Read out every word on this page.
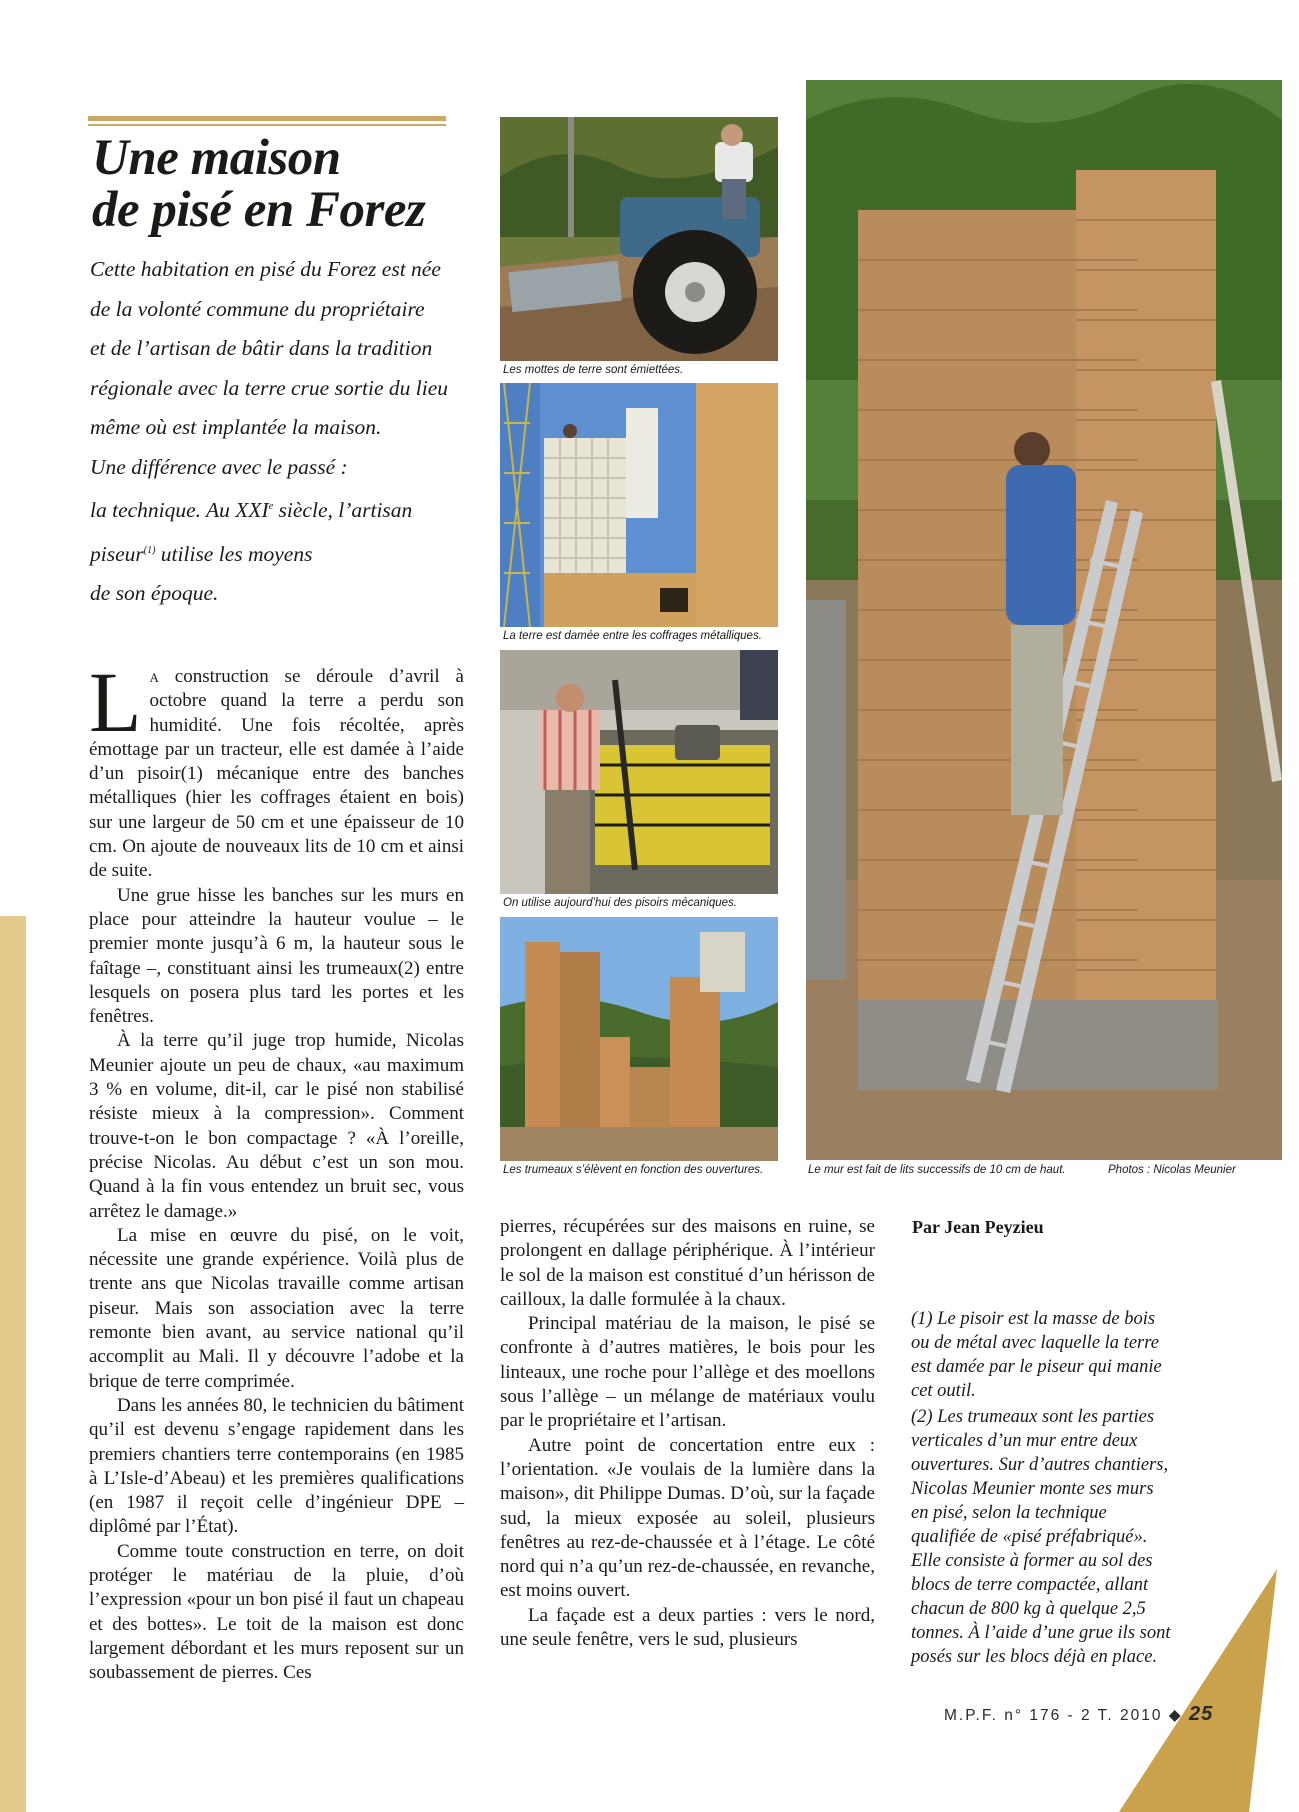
Une maison
de pisé en Forez

Cette habitation en pisé du Forez est née

de la volonté commune du propriétaire

et de l’artisan de bâtir dans la tradition

régionale avec la terre crue sortie du lieu

même où est implantée la maison.

Une différence avec le passé :

la technique. Au XXIe siècle, l’artisan

piseur$^{(1)}$ utilise les moyens

de son époque.

La construction se déroule d’avril à octobre quand la terre a perdu son humidité. Une fois récoltée, après émottage par un tracteur, elle est damée à l’aide d’un pisoir(1) mécanique entre des banches métalliques (hier les coffrages étaient en bois) sur une largeur de 50 cm et une épaisseur de 10 cm. On ajoute de nouveaux lits de 10 cm et ainsi de suite.

Une grue hisse les banches sur les murs en place pour atteindre la hauteur voulue – le premier monte jusqu’à 6 m, la hauteur sous le faîtage –, constituant ainsi les trumeaux(2) entre lesquels on posera plus tard les portes et les fenêtres.

À la terre qu’il juge trop humide, Nicolas Meunier ajoute un peu de chaux, «au maximum 3 % en volume, dit-il, car le pisé non stabilisé résiste mieux à la compression». Comment trouve-t-on le bon compactage ? «À l’oreille, précise Nicolas. Au début c’est un son mou. Quand à la fin vous entendez un bruit sec, vous arrêtez le damage.»

La mise en œuvre du pisé, on le voit, nécessite une grande expérience. Voilà plus de trente ans que Nicolas travaille comme artisan piseur. Mais son association avec la terre remonte bien avant, au service national qu’il accomplit au Mali. Il y découvre l’adobe et la brique de terre comprimée.

Dans les années 80, le technicien du bâtiment qu’il est devenu s’engage rapidement dans les premiers chantiers terre contemporains (en 1985 à L’Isle-d’Abeau) et les premières qualifications (en 1987 il reçoit celle d’ingénieur DPE – diplômé par l’État).

Comme toute construction en terre, on doit protéger le matériau de la pluie, d’où l’expression «pour un bon pisé il faut un chapeau et des bottes». Le toit de la maison est donc largement débordant et les murs reposent sur un soubassement de pierres. Ces

pierres, récupérées sur des maisons en ruine, se prolongent en dallage périphérique. À l’intérieur le sol de la maison est constitué d’un hérisson de cailloux, la dalle formulée à la chaux.

Principal matériau de la maison, le pisé se confronte à d’autres matières, le bois pour les linteaux, une roche pour l’allège et des moellons sous l’allège – un mélange de matériaux voulu par le propriétaire et l’artisan.

Autre point de concertation entre eux : l’orientation. «Je voulais de la lumière dans la maison», dit Philippe Dumas. D’où, sur la façade sud, la mieux exposée au soleil, plusieurs fenêtres au rez-de-chaussée et à l’étage. Le côté nord qui n’a qu’un rez-de-chaussée, en revanche, est moins ouvert.

La façade est a deux parties : vers le nord, une seule fenêtre, vers le sud, plusieurs

Par Jean Peyzieu

(1) Le pisoir est la masse de bois ou de métal avec laquelle la terre est damée par le piseur qui manie cet outil.

(2) Les trumeaux sont les parties verticales d’un mur entre deux ouvertures. Sur d’autres chantiers, Nicolas Meunier monte ses murs en pisé, selon la technique qualifiée de «pisé préfabriqué». Elle consiste à former au sol des blocs de terre compactée, allant chacun de 800 kg à quelque 2,5 tonnes. À l’aide d’une grue ils sont posés sur les blocs déjà en place.

Les mottes de terre sont émiettées.
La terre est damée entre les coffrages métalliques.
On utilise aujourd’hui des pisoirs mécaniques.
Les trumeaux s’élèvent en fonction des ouvertures.	Le mur est fait de lits successifs de 10 cm de haut.	Photos : Nicolas Meunier
M.P.F. n° 176 - 2 T. 2010 ◆ 25
